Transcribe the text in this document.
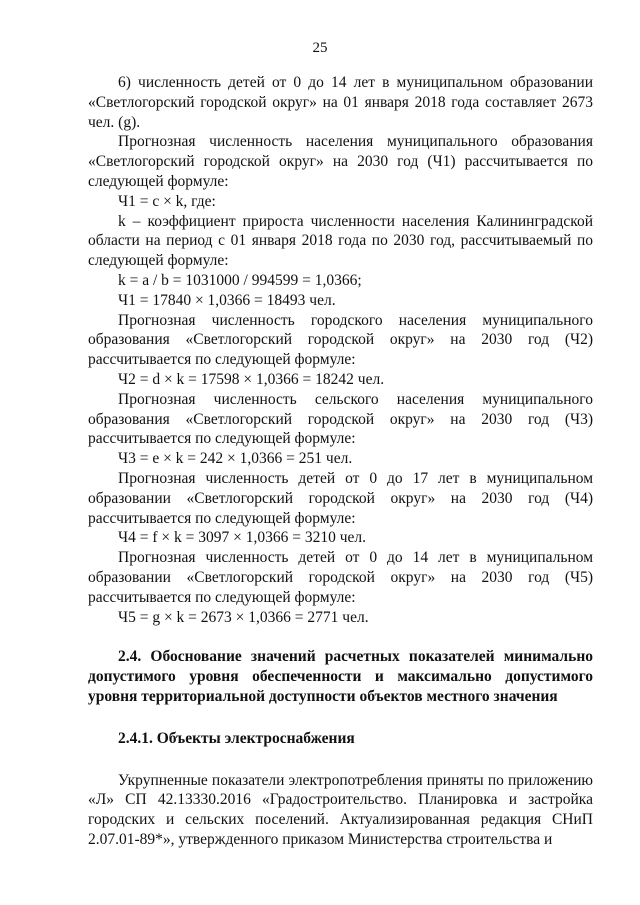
25

6) численность детей от 0 до 14 лет в муниципальном образовании «Светлогорский городской округ» на 01 января 2018 года составляет 2673 чел. (g).

Прогнозная численность населения муниципального образования «Светлогорский городской округ» на 2030 год (Ч1) рассчитывается по следующей формуле:

Ч1 = c × k, где:

k – коэффициент прироста численности населения Калининградской области на период с 01 января 2018 года по 2030 год, рассчитываемый по следующей формуле:

k = a / b = 1031000 / 994599 = 1,0366;

Ч1 = 17840 × 1,0366 = 18493 чел.

Прогнозная численность городского населения муниципального образования «Светлогорский городской округ» на 2030 год (Ч2) рассчитывается по следующей формуле:

Ч2 = d × k = 17598 × 1,0366 = 18242 чел.

Прогнозная численность сельского населения муниципального образования «Светлогорский городской округ» на 2030 год (Ч3) рассчитывается по следующей формуле:

Ч3 = e × k = 242 × 1,0366 = 251 чел.

Прогнозная численность детей от 0 до 17 лет в муниципальном образовании «Светлогорский городской округ» на 2030 год (Ч4) рассчитывается по следующей формуле:

Ч4 = f × k = 3097 × 1,0366 = 3210 чел.

Прогнозная численность детей от 0 до 14 лет в муниципальном образовании «Светлогорский городской округ» на 2030 год (Ч5) рассчитывается по следующей формуле:

Ч5 = g × k = 2673 × 1,0366 = 2771 чел.

2.4. Обоснование значений расчетных показателей минимально допустимого уровня обеспеченности и максимально допустимого уровня территориальной доступности объектов местного значения

2.4.1. Объекты электроснабжения

Укрупненные показатели электропотребления приняты по приложению «Л» СП 42.13330.2016 «Градостроительство. Планировка и застройка городских и сельских поселений. Актуализированная редакция СНиП 2.07.01-89*», утвержденного приказом Министерства строительства и
